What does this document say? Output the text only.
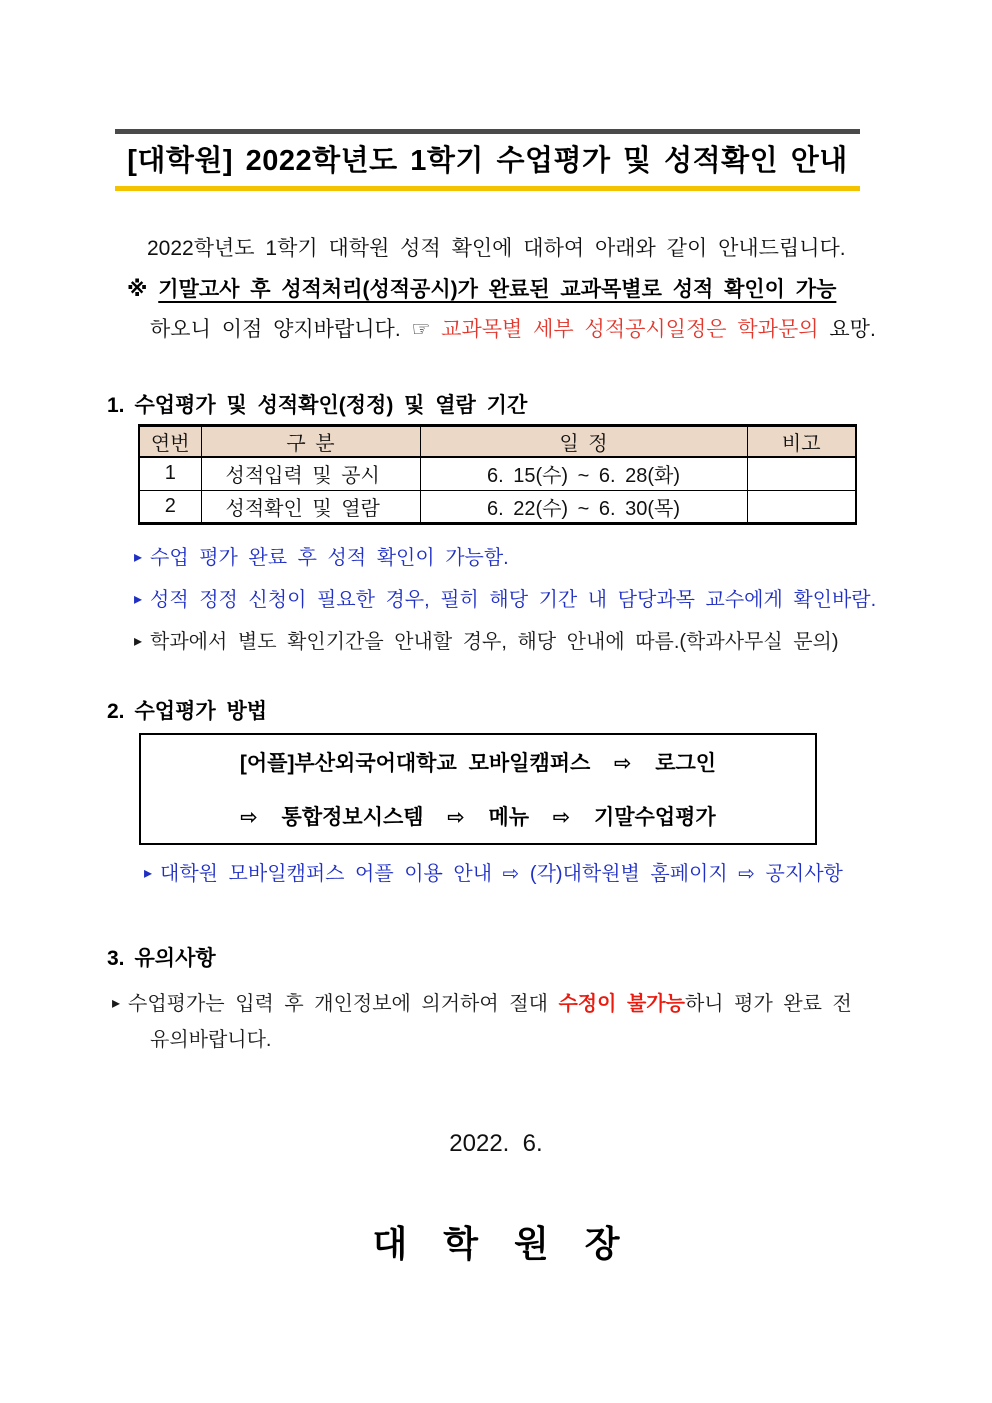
[대학원] 2022학년도 1학기 수업평가 및 성적확인 안내
2022학년도 1학기 대학원 성적 확인에 대하여 아래와 같이 안내드립니다.
※ 기말고사 후 성적처리(성적공시)가 완료된 교과목별로 성적 확인이 가능
하오니 이점 양지바랍니다. ☞ 교과목별 세부 성적공시일정은 학과문의 요망.
1. 수업평가 및 성적확인(정정) 및 열람 기간
연번	구 분	일 정	비고
1	성적입력 및 공시	6. 15(수) ~ 6. 28(화)	
2	성적확인 및 열람	6. 22(수) ~ 6. 30(목)	
▸ 수업 평가 완료 후 성적 확인이 가능함.
▸ 성적 정정 신청이 필요한 경우, 필히 해당 기간 내 담당과목 교수에게 확인바람.
▸ 학과에서 별도 확인기간을 안내할 경우, 해당 안내에 따름.(학과사무실 문의)
2. 수업평가 방법
[어플]부산외국어대학교 모바일캠퍼스  ⇨  로그인
⇨  통합정보시스템  ⇨  메뉴  ⇨  기말수업평가
▸ 대학원 모바일캠퍼스 어플 이용 안내 ⇨ (각)대학원별 홈페이지 ⇨ 공지사항
3. 유의사항
▸ 수업평가는 입력 후 개인정보에 의거하여 절대 수정이 불가능하니 평가 완료 전
유의바랍니다.
2022.  6.
대 학 원 장
